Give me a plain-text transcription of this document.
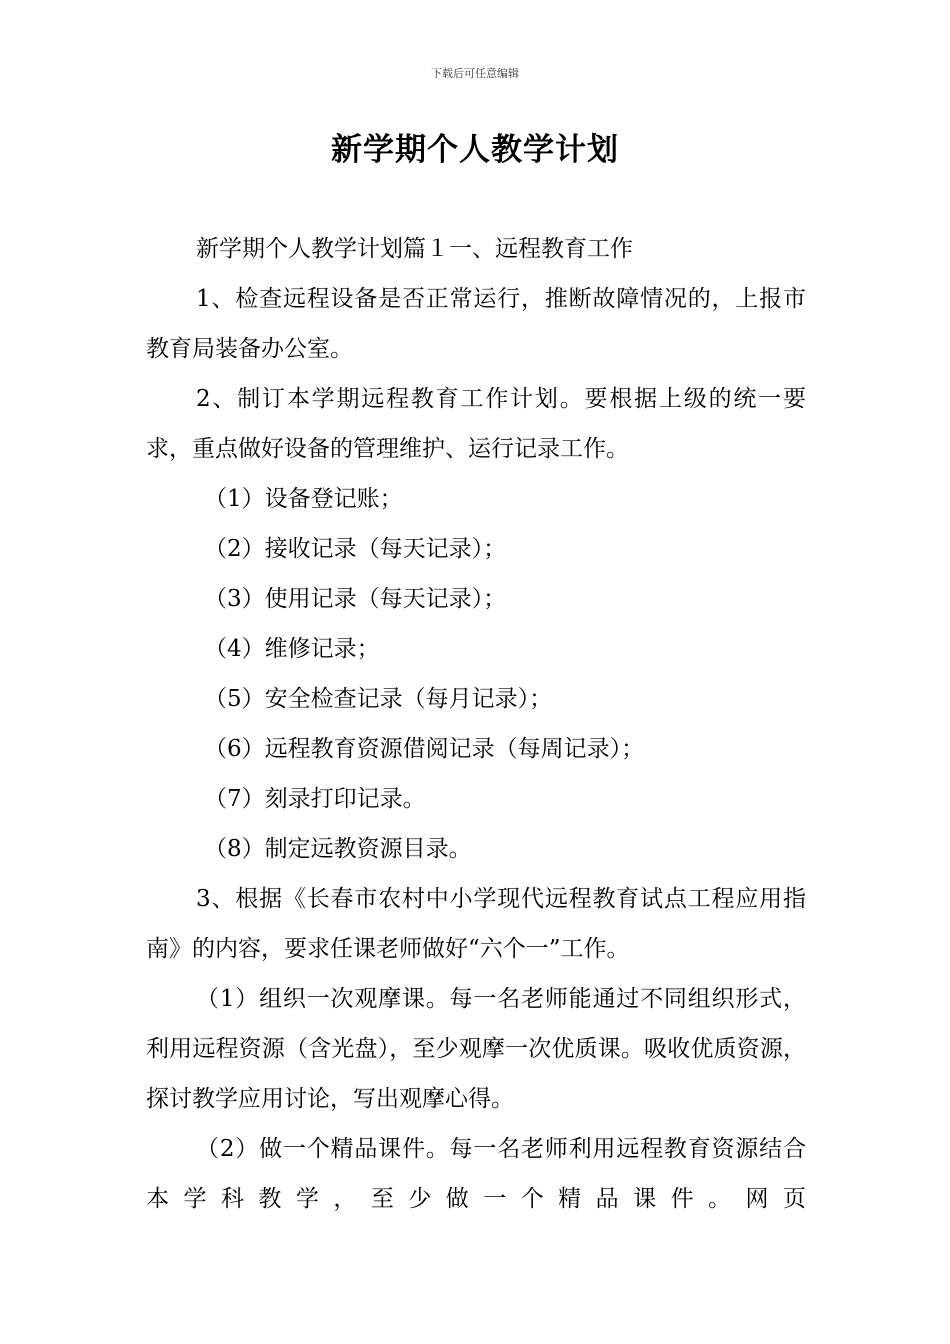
下载后可任意编辑
新学期个人教学计划

新学期个人教学计划篇１一、远程教育工作

1、检查远程设备是否正常运行，推断故障情况的，上报市教育局装备办公室。

2、制订本学期远程教育工作计划。要根据上级的统一要求，重点做好设备的管理维护、运行记录工作。

（1）设备登记账；

（2）接收记录（每天记录）；

（3）使用记录（每天记录）；

（4）维修记录；

（5）安全检查记录（每月记录）；

（6）远程教育资源借阅记录（每周记录）；

（7）刻录打印记录。

（8）制定远教资源目录。

3、根据《长春市农村中小学现代远程教育试点工程应用指南》的内容，要求任课老师做好“六个一”工作。

（1）组织一次观摩课。每一名老师能通过不同组织形式，利用远程资源（含光盘），至少观摩一次优质课。吸收优质资源，探讨教学应用讨论，写出观摩心得。

（2）做一个精品课件。每一名老师利用远程教育资源结合本学科教学，至少做一个精品课件。网页
